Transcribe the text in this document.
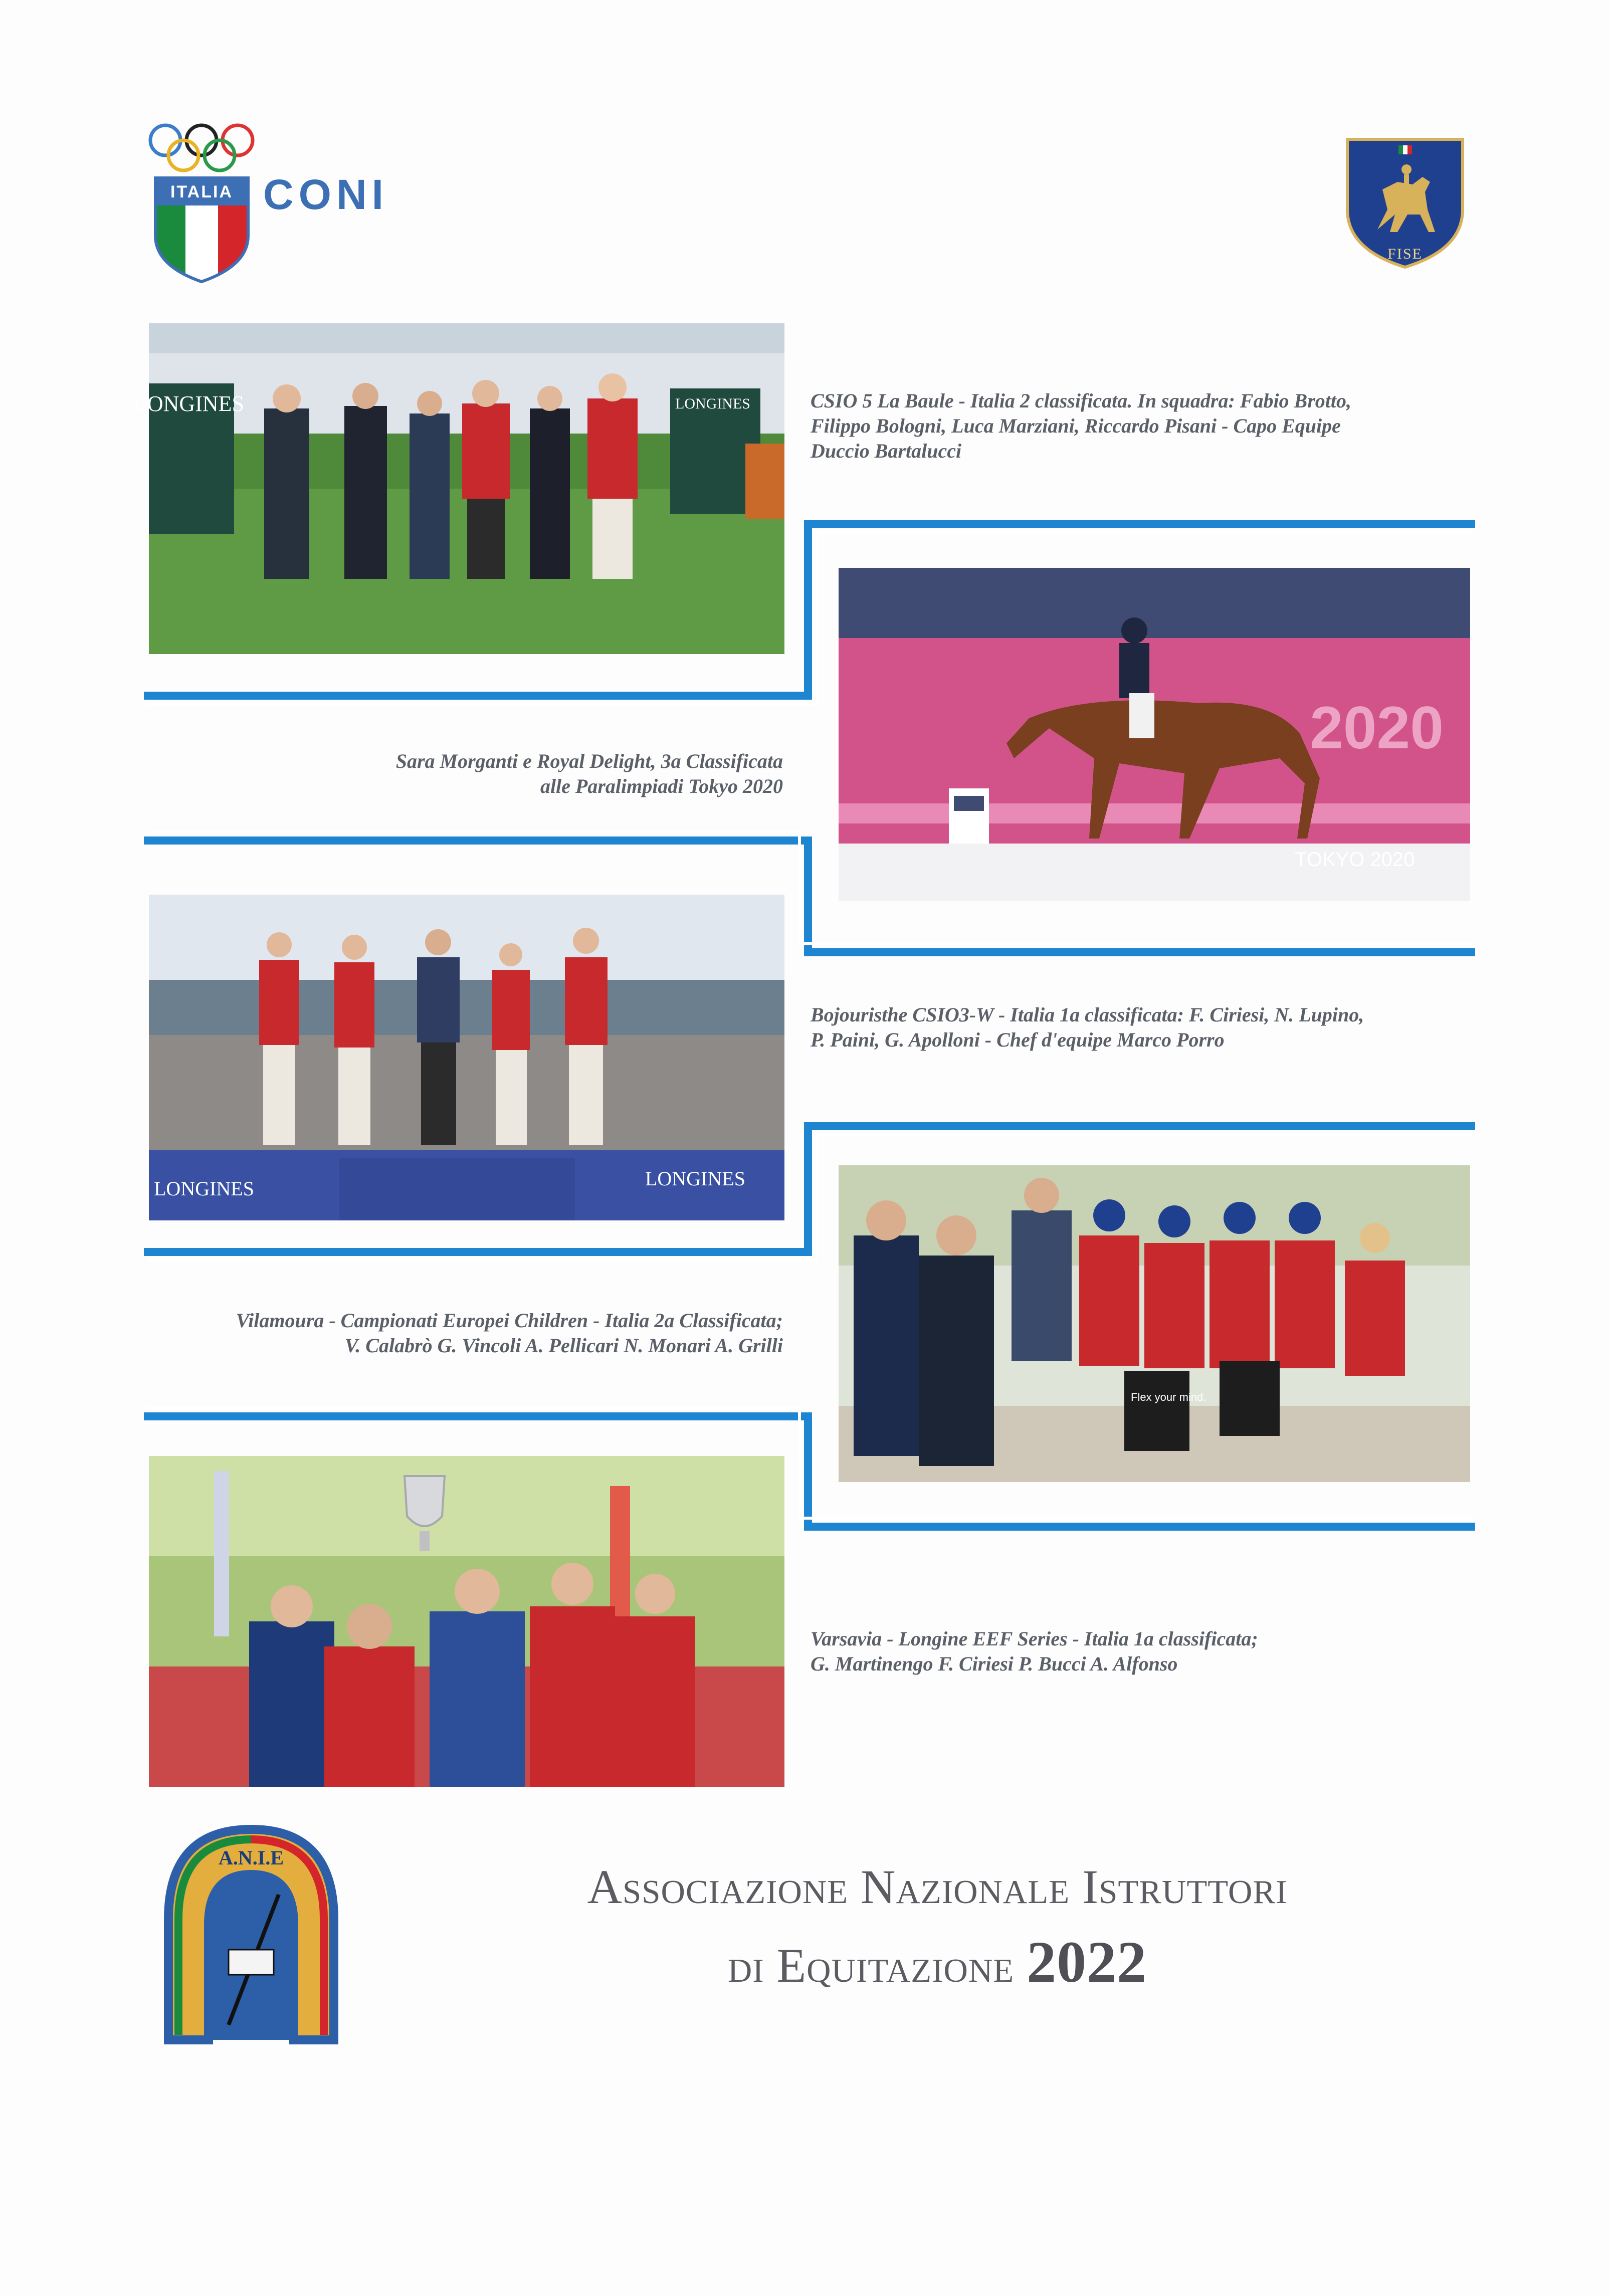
ITALIA CONI
FISE
LONGINES	LONGINES
2020
TOKYO 2020
LONGINES	LONGINES
Flex your mind.
CSIO 5 La Baule - Italia 2 classificata. In squadra: Fabio Brotto,
Filippo Bologni, Luca Marziani, Riccardo Pisani - Capo Equipe
Duccio Bartalucci
Sara Morganti e Royal Delight, 3a Classificata
alle Paralimpiadi Tokyo 2020
Bojouristhe CSIO3-W - Italia 1a classificata: F. Ciriesi, N. Lupino,
P. Paini, G. Apolloni - Chef d'equipe Marco Porro
Vilamoura - Campionati Europei Children - Italia 2a Classificata;
V. Calabrò G. Vincoli A. Pellicari N. Monari A. Grilli
Varsavia - Longine EEF Series - Italia 1a classificata;
G. Martinengo F. Ciriesi P. Bucci A. Alfonso
A.N.I.E
Associazione Nazionale Istruttori
di Equitazione 2022
